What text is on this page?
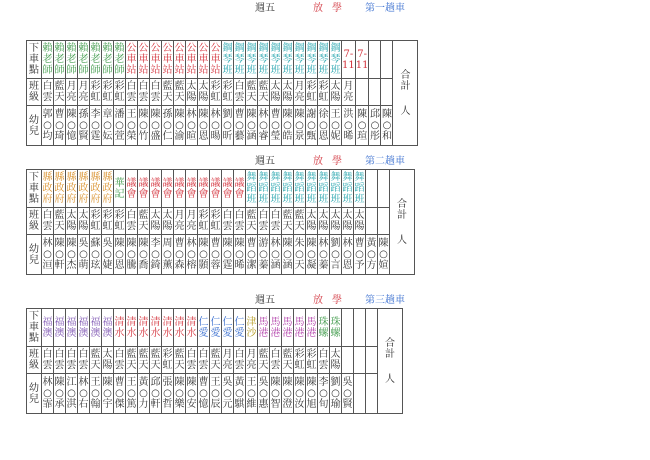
週五	放 學 第一趟車
下
車
點	賴
老
師	賴
老
師	賴
老
師	賴
老
師	賴
老
師	賴
老
師	賴
老
師	公
車
站	公
車
站	公
車
站	公
車
站	公
車
站	公
車
站	公
車
站	公
車
站	鋼
琴
班	鋼
琴
班	鋼
琴
班	鋼
琴
班	鋼
琴
班	鋼
琴
班	鋼
琴
班	鋼
琴
班	鋼
琴
班	鋼
琴
班	7-
11	7-
11			合
計
人

班
級	白
雲	藍
天	月
亮	月
亮	彩
虹	彩
虹	彩
虹	白
雲	白
雲	白
雲	藍
天	藍
天	太
陽	太
陽	彩
虹	彩
虹	白
雲	藍
天	藍
天	太
陽	太
陽	月
亮	彩
虹	彩
虹	太
陽	月
亮				

幼
兒	郭
○
均	曹
○
琦	陳
○
憶	孫
○
賢	李
○
霆	章
○
妘	潘
○
萱	王
○
榮	陳
○
竹	陳
○
盛	孫
○
仁	陳
○
渝	林
○
暄	陳
○
恩	林
○
暘	劉
○
昕	曹
○
藝	陳
○
涵	林
○
睿	曹
○
瑩	陳
○
皓	陳
○
景	謝
○
甄	徐
○
恩	王
○
妮	洪
○
晞	陳
○
瑄	邱
○
彤	陳
○
和	
週五	放 學 第二趟車
下
車
點	縣
政
府	縣
政
府	縣
政
府	縣
政
府	縣
政
府	縣
政
府	華
記	議
會	議
會	議
會	議
會	議
會	議
會	議
會	議
會	議
會	議
會	舞
蹈
班	舞
蹈
班	舞
蹈
班	舞
蹈
班	舞
蹈
班	舞
蹈
班	舞
蹈
班	舞
蹈
班	舞
蹈
班	舞
蹈
班			合
計
人

班
級	白
雲	藍
天	太
陽	太
陽	彩
虹	彩
虹	彩
虹	白
雲	藍
天	太
陽	太
陽	月
亮	月
亮	彩
虹	彩
虹	白
雲	白
雲	藍
天	白
雲	白
雲	藍
天	藍
天	太
陽	太
陽	太
陽	太
陽	太
陽			

幼
兒	林
○
洹	陳
○
軒	陳
○
杰	吳
○
萌	蘇
○
玹	吳
○
婕	陳
○
恩	陳
○
騰	陳
○
喬	李
○
錡	周
○
薰	曹
○
森	林
○
榕	陳
○
顥	曹
○
蓉	陳
○
霆	陳
○
晞	曹
○
潔	游
○
蓁	林
○
涵	陳
○
涵	朱
○
天	陳
○
凝	林
○
蓁	劉
○
言	林
○
恩	曹
○
予	黃
○
方	陳
○
媗	
週五	放 學 第三趟車
下
車
點	福
澳	福
澳	福
澳	福
澳	福
澳	福
澳	清
水	清
水	清
水	清
水	清
水	清
水	清
水	仁
愛	仁
愛	仁
愛	仁
愛	津
沙	馬
港	馬
港	馬
港	馬
港	馬
港	珠
螺	珠
螺				合
計
人

班
級	白
雲	白
雲	白
雲	白
雲	藍
天	太
陽	白
雲	藍
天	藍
天	藍
天	彩
虹	藍
天	白
雲	白
雲	藍
天	月
亮	白
雲	月
亮	藍
天	白
雲	藍
天	彩
虹	彩
虹	白
雲	太
陽				

幼
兒	林
○
霏	陳
○
承	江
○
淇	林
○
右	王
○
翰	陳
○
宇	曹
○
傑	王
○
篤	黃
○
力	邱
○
軒	張
○
哲	陳
○
樂	陳
○
安	曹
○
憶	王
○
辰	吳
○
元	黃
○
騏	王
○
維	吳
○
惠	陳
○
智	陳
○
澄	陳
○
汝	陳
○
旭	李
○
旬	劉
○
瑜	吳
○
賢			
